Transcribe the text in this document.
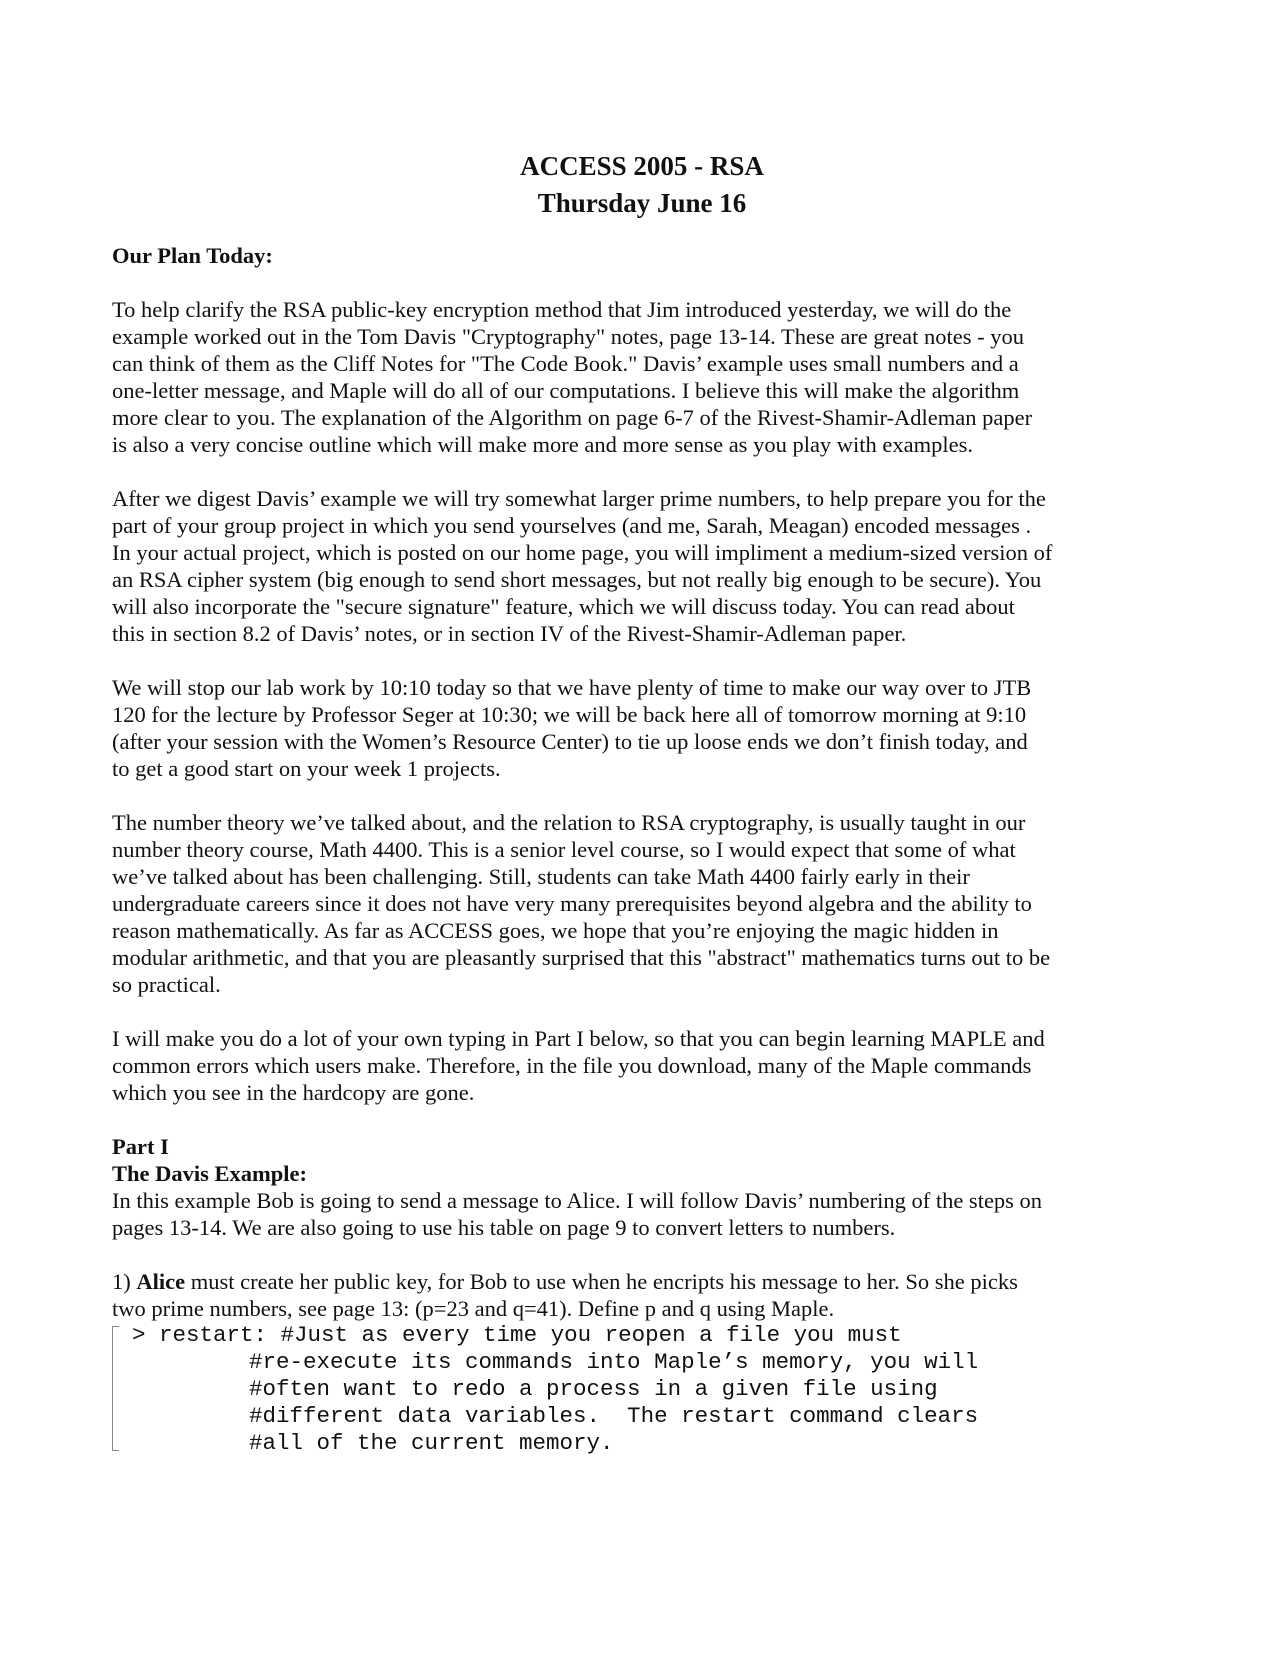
ACCESS 2005 - RSA

Thursday June 16

Our Plan Today:

To help clarify the RSA public-key encryption method that Jim introduced yesterday, we will do the
example worked out in the Tom Davis "Cryptography" notes, page 13-14. These are great notes - you
can think of them as the Cliff Notes for "The Code Book." Davis’ example uses small numbers and a
one-letter message, and Maple will do all of our computations. I believe this will make the algorithm
more clear to you. The explanation of the Algorithm on page 6-7 of the Rivest-Shamir-Adleman paper
is also a very concise outline which will make more and more sense as you play with examples.

After we digest Davis’ example we will try somewhat larger prime numbers, to help prepare you for the
part of your group project in which you send yourselves (and me, Sarah, Meagan) encoded messages .
In your actual project, which is posted on our home page, you will impliment a medium-sized version of
an RSA cipher system (big enough to send short messages, but not really big enough to be secure). You
will also incorporate the "secure signature" feature, which we will discuss today. You can read about
this in section 8.2 of Davis’ notes, or in section IV of the Rivest-Shamir-Adleman paper.

We will stop our lab work by 10:10 today so that we have plenty of time to make our way over to JTB
120 for the lecture by Professor Seger at 10:30; we will be back here all of tomorrow morning at 9:10
(after your session with the Women’s Resource Center) to tie up loose ends we don’t finish today, and
to get a good start on your week 1 projects.

The number theory we’ve talked about, and the relation to RSA cryptography, is usually taught in our
number theory course, Math 4400. This is a senior level course, so I would expect that some of what
we’ve talked about has been challenging. Still, students can take Math 4400 fairly early in their
undergraduate careers since it does not have very many prerequisites beyond algebra and the ability to
reason mathematically. As far as ACCESS goes, we hope that you’re enjoying the magic hidden in
modular arithmetic, and that you are pleasantly surprised that this "abstract" mathematics turns out to be
so practical.

I will make you do a lot of your own typing in Part I below, so that you can begin learning MAPLE and
common errors which users make. Therefore, in the file you download, many of the Maple commands
which you see in the hardcopy are gone.

Part I

The Davis Example:

In this example Bob is going to send a message to Alice. I will follow Davis’ numbering of the steps on
pages 13-14. We are also going to use his table on page 9 to convert letters to numbers.

1) Alice must create her public key, for Bob to use when he encripts his message to her. So she picks
two prime numbers, see page 13: (p=23 and q=41). Define p and q using Maple.

> restart: #Just as every time you reopen a file you must
#re-execute its commands into Maple’s memory, you will
#often want to redo a process in a given file using
#different data variables.  The restart command clears
#all of the current memory.
